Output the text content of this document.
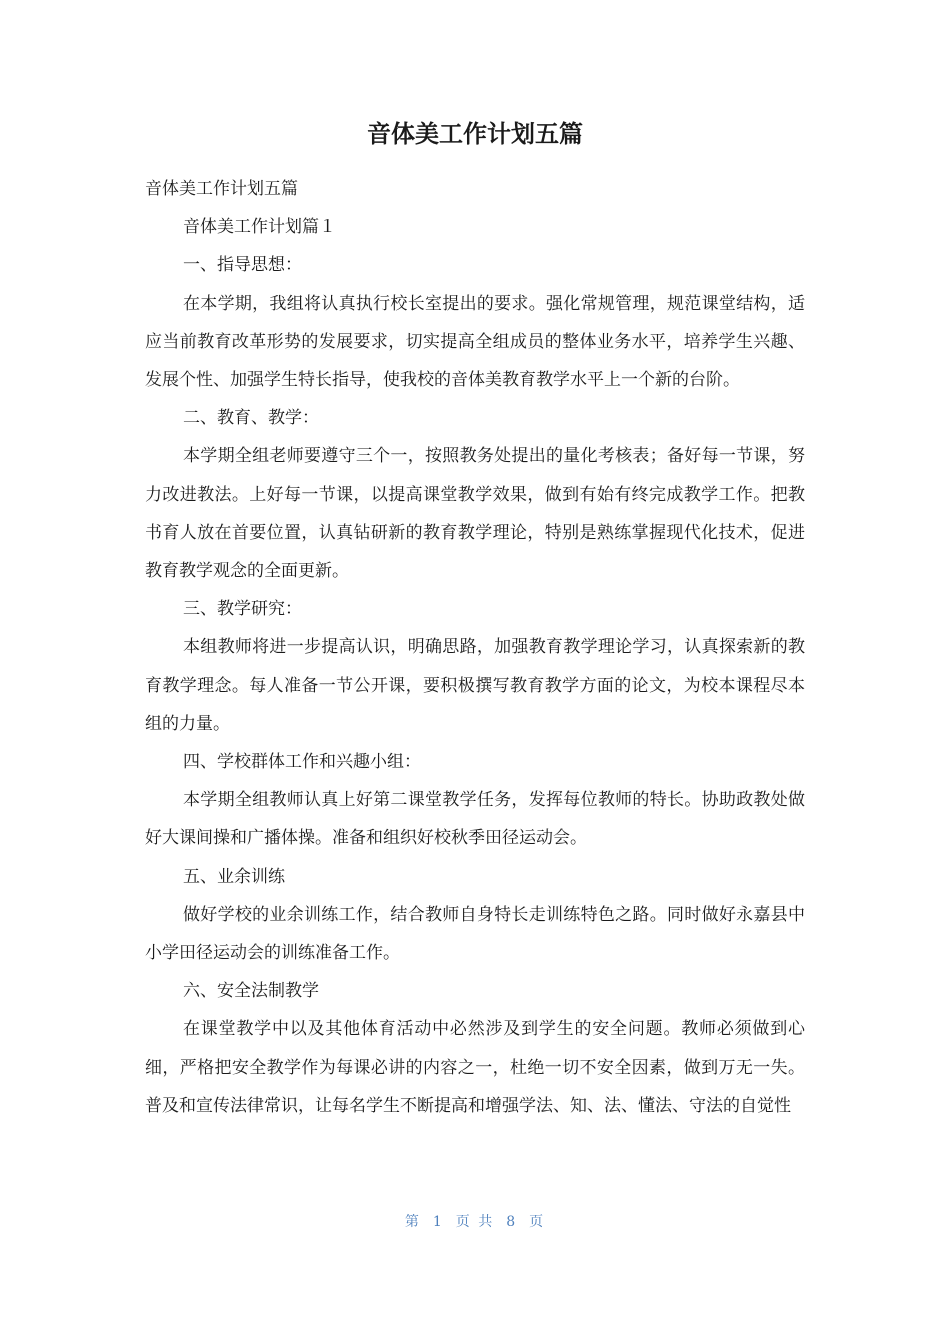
音体美工作计划五篇

音体美工作计划五篇

音体美工作计划篇１

一、指导思想：

在本学期，我组将认真执行校长室提出的要求。强化常规管理，规范课堂结构，适应当前教育改革形势的发展要求，切实提高全组成员的整体业务水平，培养学生兴趣、发展个性、加强学生特长指导，使我校的音体美教育教学水平上一个新的台阶。

二、教育、教学：

本学期全组老师要遵守三个一，按照教务处提出的量化考核表；备好每一节课，努力改进教法。上好每一节课，以提高课堂教学效果，做到有始有终完成教学工作。把教书育人放在首要位置，认真钻研新的教育教学理论，特别是熟练掌握现代化技术，促进教育教学观念的全面更新。

三、教学研究：

本组教师将进一步提高认识，明确思路，加强教育教学理论学习，认真探索新的教育教学理念。每人准备一节公开课，要积极撰写教育教学方面的论文，为校本课程尽本组的力量。

四、学校群体工作和兴趣小组：

本学期全组教师认真上好第二课堂教学任务，发挥每位教师的特长。协助政教处做好大课间操和广播体操。准备和组织好校秋季田径运动会。

五、业余训练

做好学校的业余训练工作，结合教师自身特长走训练特色之路。同时做好永嘉县中小学田径运动会的训练准备工作。

六、安全法制教学

在课堂教学中以及其他体育活动中必然涉及到学生的安全问题。教师必须做到心细，严格把安全教学作为每课必讲的内容之一，杜绝一切不安全因素，做到万无一失。普及和宣传法律常识，让每名学生不断提高和增强学法、知、法、懂法、守法的自觉性

第 1 页 共 8 页
